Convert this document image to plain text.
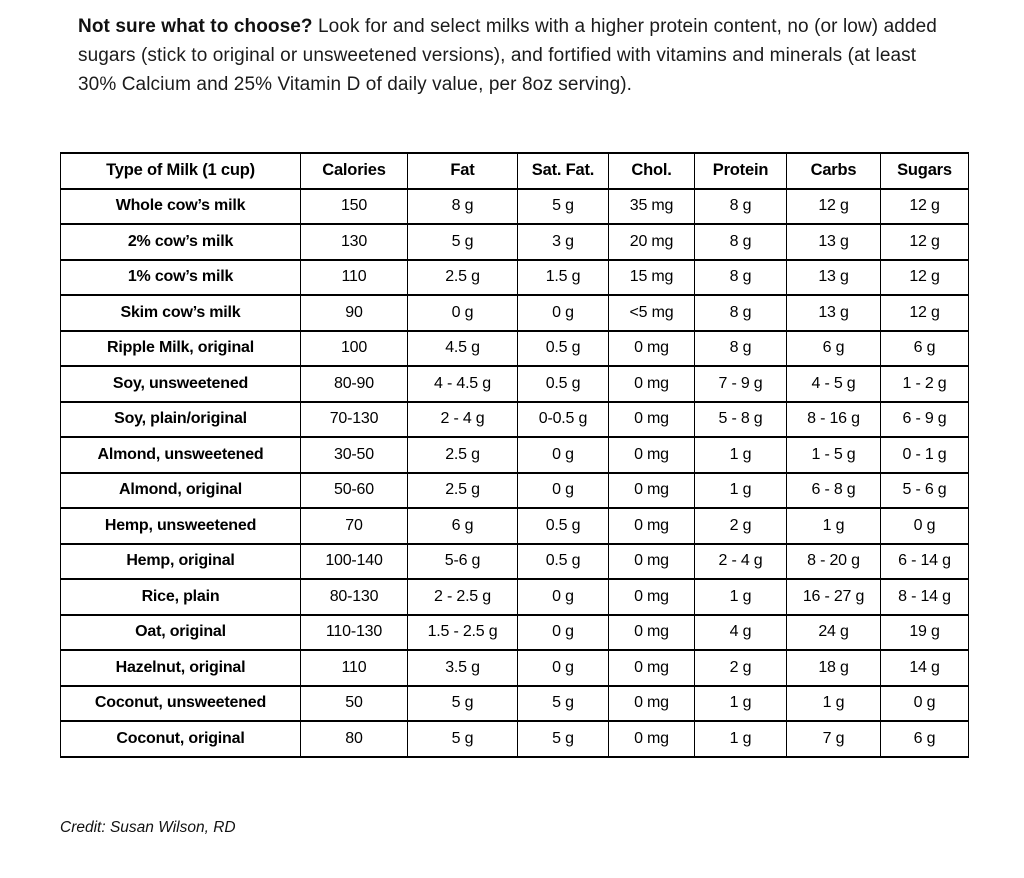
Not sure what to choose? Look for and select milks with a higher protein content, no (or low) added sugars (stick to original or unsweetened versions), and fortified with vitamins and minerals (at least 30% Calcium and 25% Vitamin D of daily value, per 8oz serving).

Type of Milk (1 cup)	Calories	Fat	Sat. Fat.	Chol.	Protein	Carbs	Sugars
Whole cow’s milk	150	8 g	5 g	35 mg	8 g	12 g	12 g
2% cow’s milk	130	5 g	3 g	20 mg	8 g	13 g	12 g
1% cow’s milk	110	2.5 g	1.5 g	15 mg	8 g	13 g	12 g
Skim cow’s milk	90	0 g	0 g	<5 mg	8 g	13 g	12 g
Ripple Milk, original	100	4.5 g	0.5 g	0 mg	8 g	6 g	6 g
Soy, unsweetened	80-90	4 - 4.5 g	0.5 g	0 mg	7 - 9 g	4 - 5 g	1 - 2 g
Soy, plain/original	70-130	2 - 4 g	0-0.5 g	0 mg	5 - 8 g	8 - 16 g	6 - 9 g
Almond, unsweetened	30-50	2.5 g	0 g	0 mg	1 g	1 - 5 g	0 - 1 g
Almond, original	50-60	2.5 g	0 g	0 mg	1 g	6 - 8 g	5 - 6 g
Hemp, unsweetened	70	6 g	0.5 g	0 mg	2 g	1 g	0 g
Hemp, original	100-140	5-6 g	0.5 g	0 mg	2 - 4 g	8 - 20 g	6 - 14 g
Rice, plain	80-130	2 - 2.5 g	0 g	0 mg	1 g	16 - 27 g	8 - 14 g
Oat, original	110-130	1.5 - 2.5 g	0 g	0 mg	4 g	24 g	19 g
Hazelnut, original	110	3.5 g	0 g	0 mg	2 g	18 g	14 g
Coconut, unsweetened	50	5 g	5 g	0 mg	1 g	1 g	0 g
Coconut, original	80	5 g	5 g	0 mg	1 g	7 g	6 g

Credit: Susan Wilson, RD
